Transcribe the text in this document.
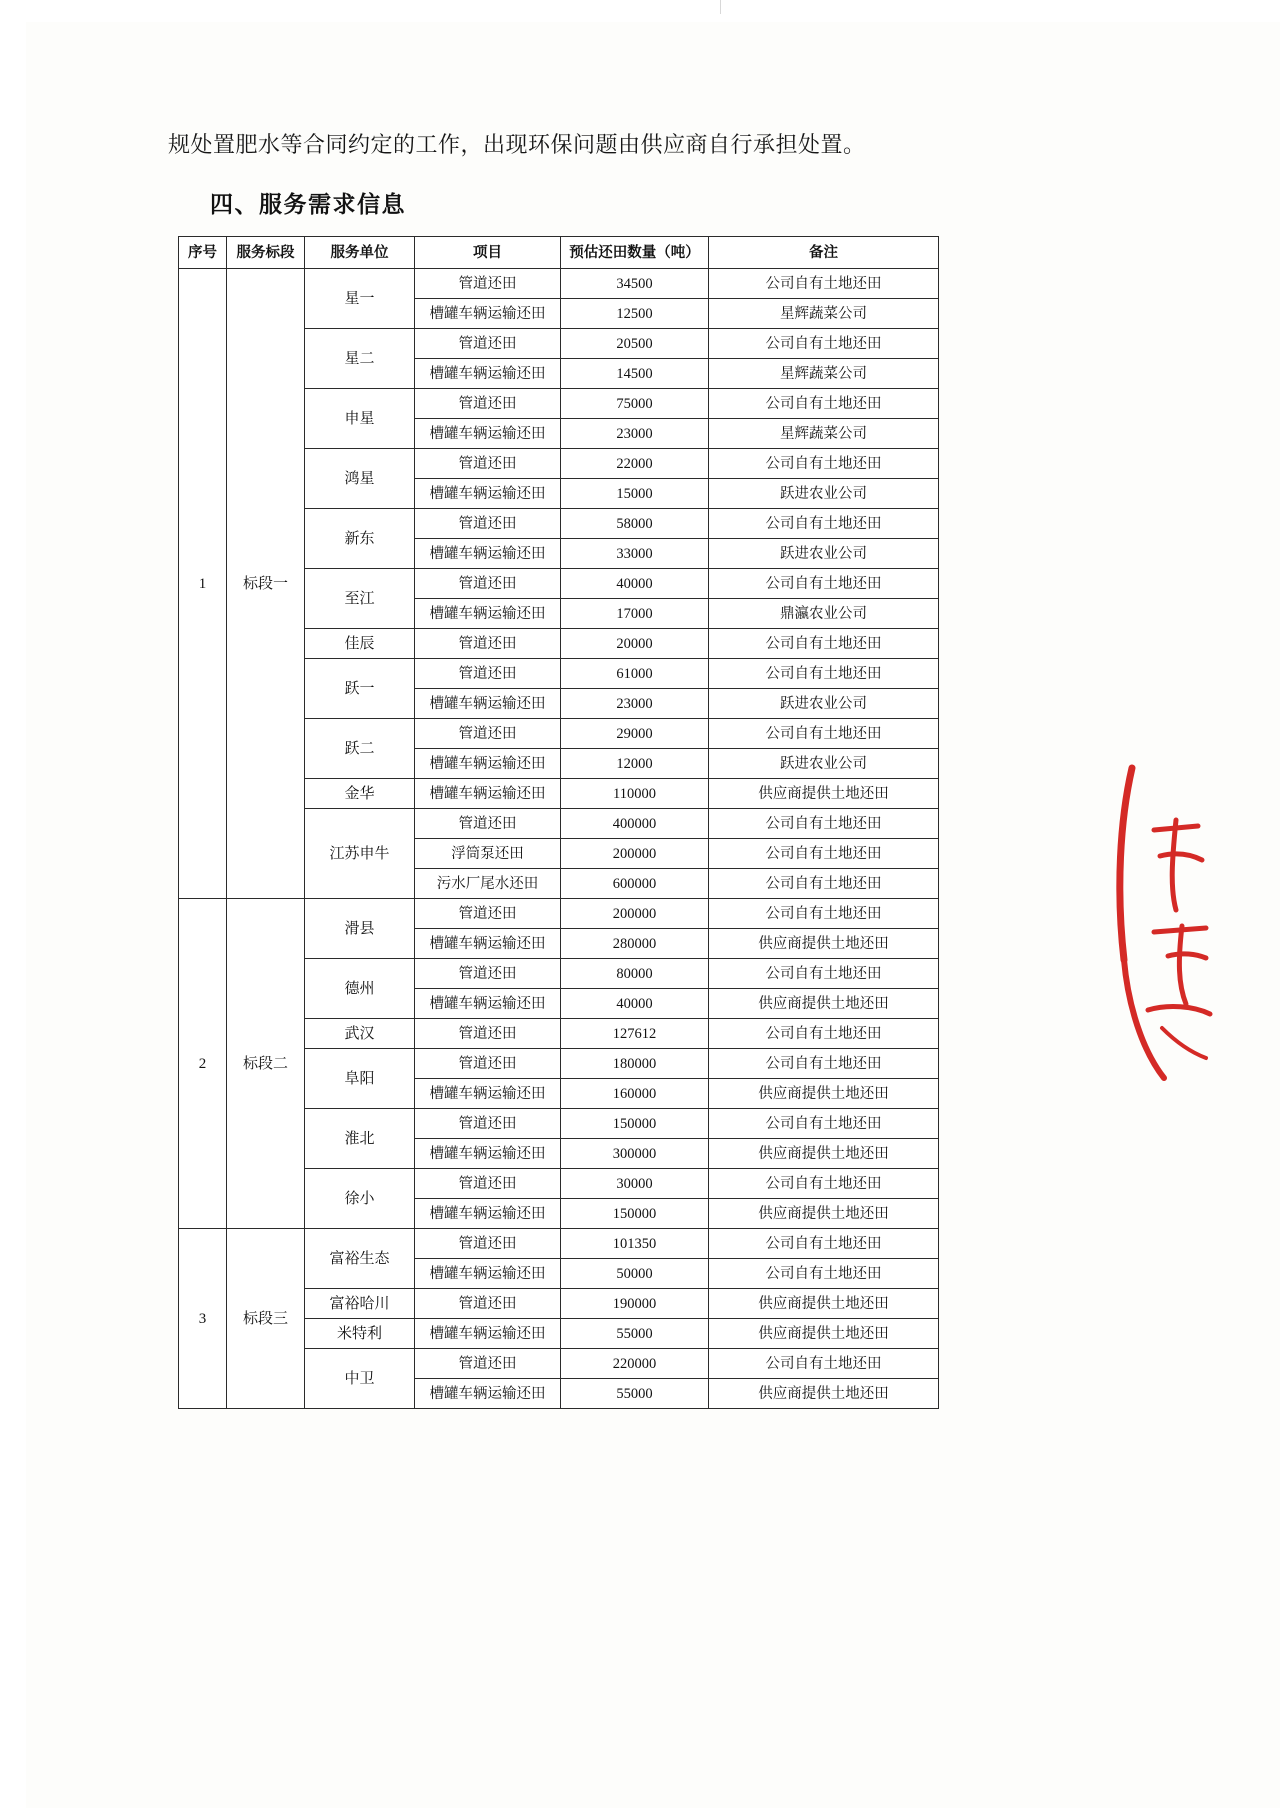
规处置肥水等合同约定的工作，出现环保问题由供应商自行承担处置。
四、服务需求信息
序号	服务标段	服务单位	项目	预估还田数量（吨）	备注
1	标段一	星一	管道还田	34500	公司自有土地还田
			槽罐车辆运输还田	12500	星辉蔬菜公司
		星二	管道还田	20500	公司自有土地还田
			槽罐车辆运输还田	14500	星辉蔬菜公司
		申星	管道还田	75000	公司自有土地还田
			槽罐车辆运输还田	23000	星辉蔬菜公司
		鸿星	管道还田	22000	公司自有土地还田
			槽罐车辆运输还田	15000	跃进农业公司
		新东	管道还田	58000	公司自有土地还田
			槽罐车辆运输还田	33000	跃进农业公司
		至江	管道还田	40000	公司自有土地还田
			槽罐车辆运输还田	17000	鼎瀛农业公司
		佳辰	管道还田	20000	公司自有土地还田
		跃一	管道还田	61000	公司自有土地还田
			槽罐车辆运输还田	23000	跃进农业公司
		跃二	管道还田	29000	公司自有土地还田
			槽罐车辆运输还田	12000	跃进农业公司
		金华	槽罐车辆运输还田	110000	供应商提供土地还田
		江苏申牛	管道还田	400000	公司自有土地还田
			浮筒泵还田	200000	公司自有土地还田
			污水厂尾水还田	600000	公司自有土地还田
2	标段二	滑县	管道还田	200000	公司自有土地还田
			槽罐车辆运输还田	280000	供应商提供土地还田
		德州	管道还田	80000	公司自有土地还田
			槽罐车辆运输还田	40000	供应商提供土地还田
		武汉	管道还田	127612	公司自有土地还田
		阜阳	管道还田	180000	公司自有土地还田
			槽罐车辆运输还田	160000	供应商提供土地还田
		淮北	管道还田	150000	公司自有土地还田
			槽罐车辆运输还田	300000	供应商提供土地还田
		徐小	管道还田	30000	公司自有土地还田
			槽罐车辆运输还田	150000	供应商提供土地还田
3	标段三	富裕生态	管道还田	101350	公司自有土地还田
			槽罐车辆运输还田	50000	公司自有土地还田
		富裕哈川	管道还田	190000	供应商提供土地还田
		米特利	槽罐车辆运输还田	55000	供应商提供土地还田
		中卫	管道还田	220000	公司自有土地还田
			槽罐车辆运输还田	55000	供应商提供土地还田
